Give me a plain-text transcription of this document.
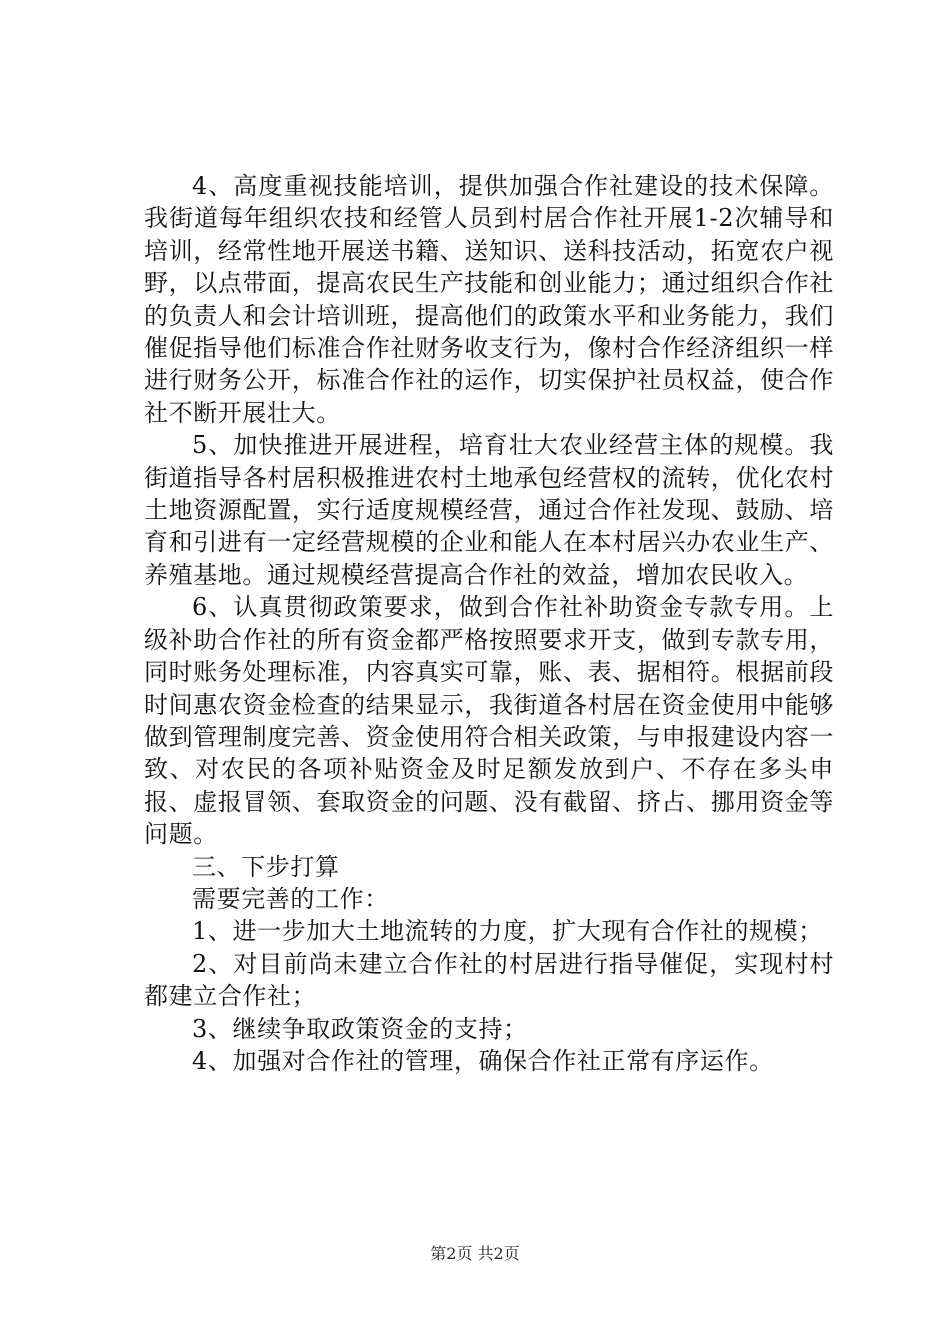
4、高度重视技能培训，提供加强合作社建设的技术保障。我街道每年组织农技和经管人员到村居合作社开展1-2次辅导和培训，经常性地开展送书籍、送知识、送科技活动，拓宽农户视野，以点带面，提高农民生产技能和创业能力；通过组织合作社的负责人和会计培训班，提高他们的政策水平和业务能力，我们催促指导他们标准合作社财务收支行为，像村合作经济组织一样进行财务公开，标准合作社的运作，切实保护社员权益，使合作社不断开展壮大。

5、加快推进开展进程，培育壮大农业经营主体的规模。我街道指导各村居积极推进农村土地承包经营权的流转，优化农村土地资源配置，实行适度规模经营，通过合作社发现、鼓励、培育和引进有一定经营规模的企业和能人在本村居兴办农业生产、养殖基地。通过规模经营提高合作社的效益，增加农民收入。

6、认真贯彻政策要求，做到合作社补助资金专款专用。上级补助合作社的所有资金都严格按照要求开支，做到专款专用，同时账务处理标准，内容真实可靠，账、表、据相符。根据前段时间惠农资金检查的结果显示，我街道各村居在资金使用中能够做到管理制度完善、资金使用符合相关政策，与申报建设内容一致、对农民的各项补贴资金及时足额发放到户、不存在多头申报、虚报冒领、套取资金的问题、没有截留、挤占、挪用资金等问题。

三、下步打算

需要完善的工作：

1、进一步加大土地流转的力度，扩大现有合作社的规模；

2、对目前尚未建立合作社的村居进行指导催促，实现村村都建立合作社；

3、继续争取政策资金的支持；

4、加强对合作社的管理，确保合作社正常有序运作。

第2页 共2页
